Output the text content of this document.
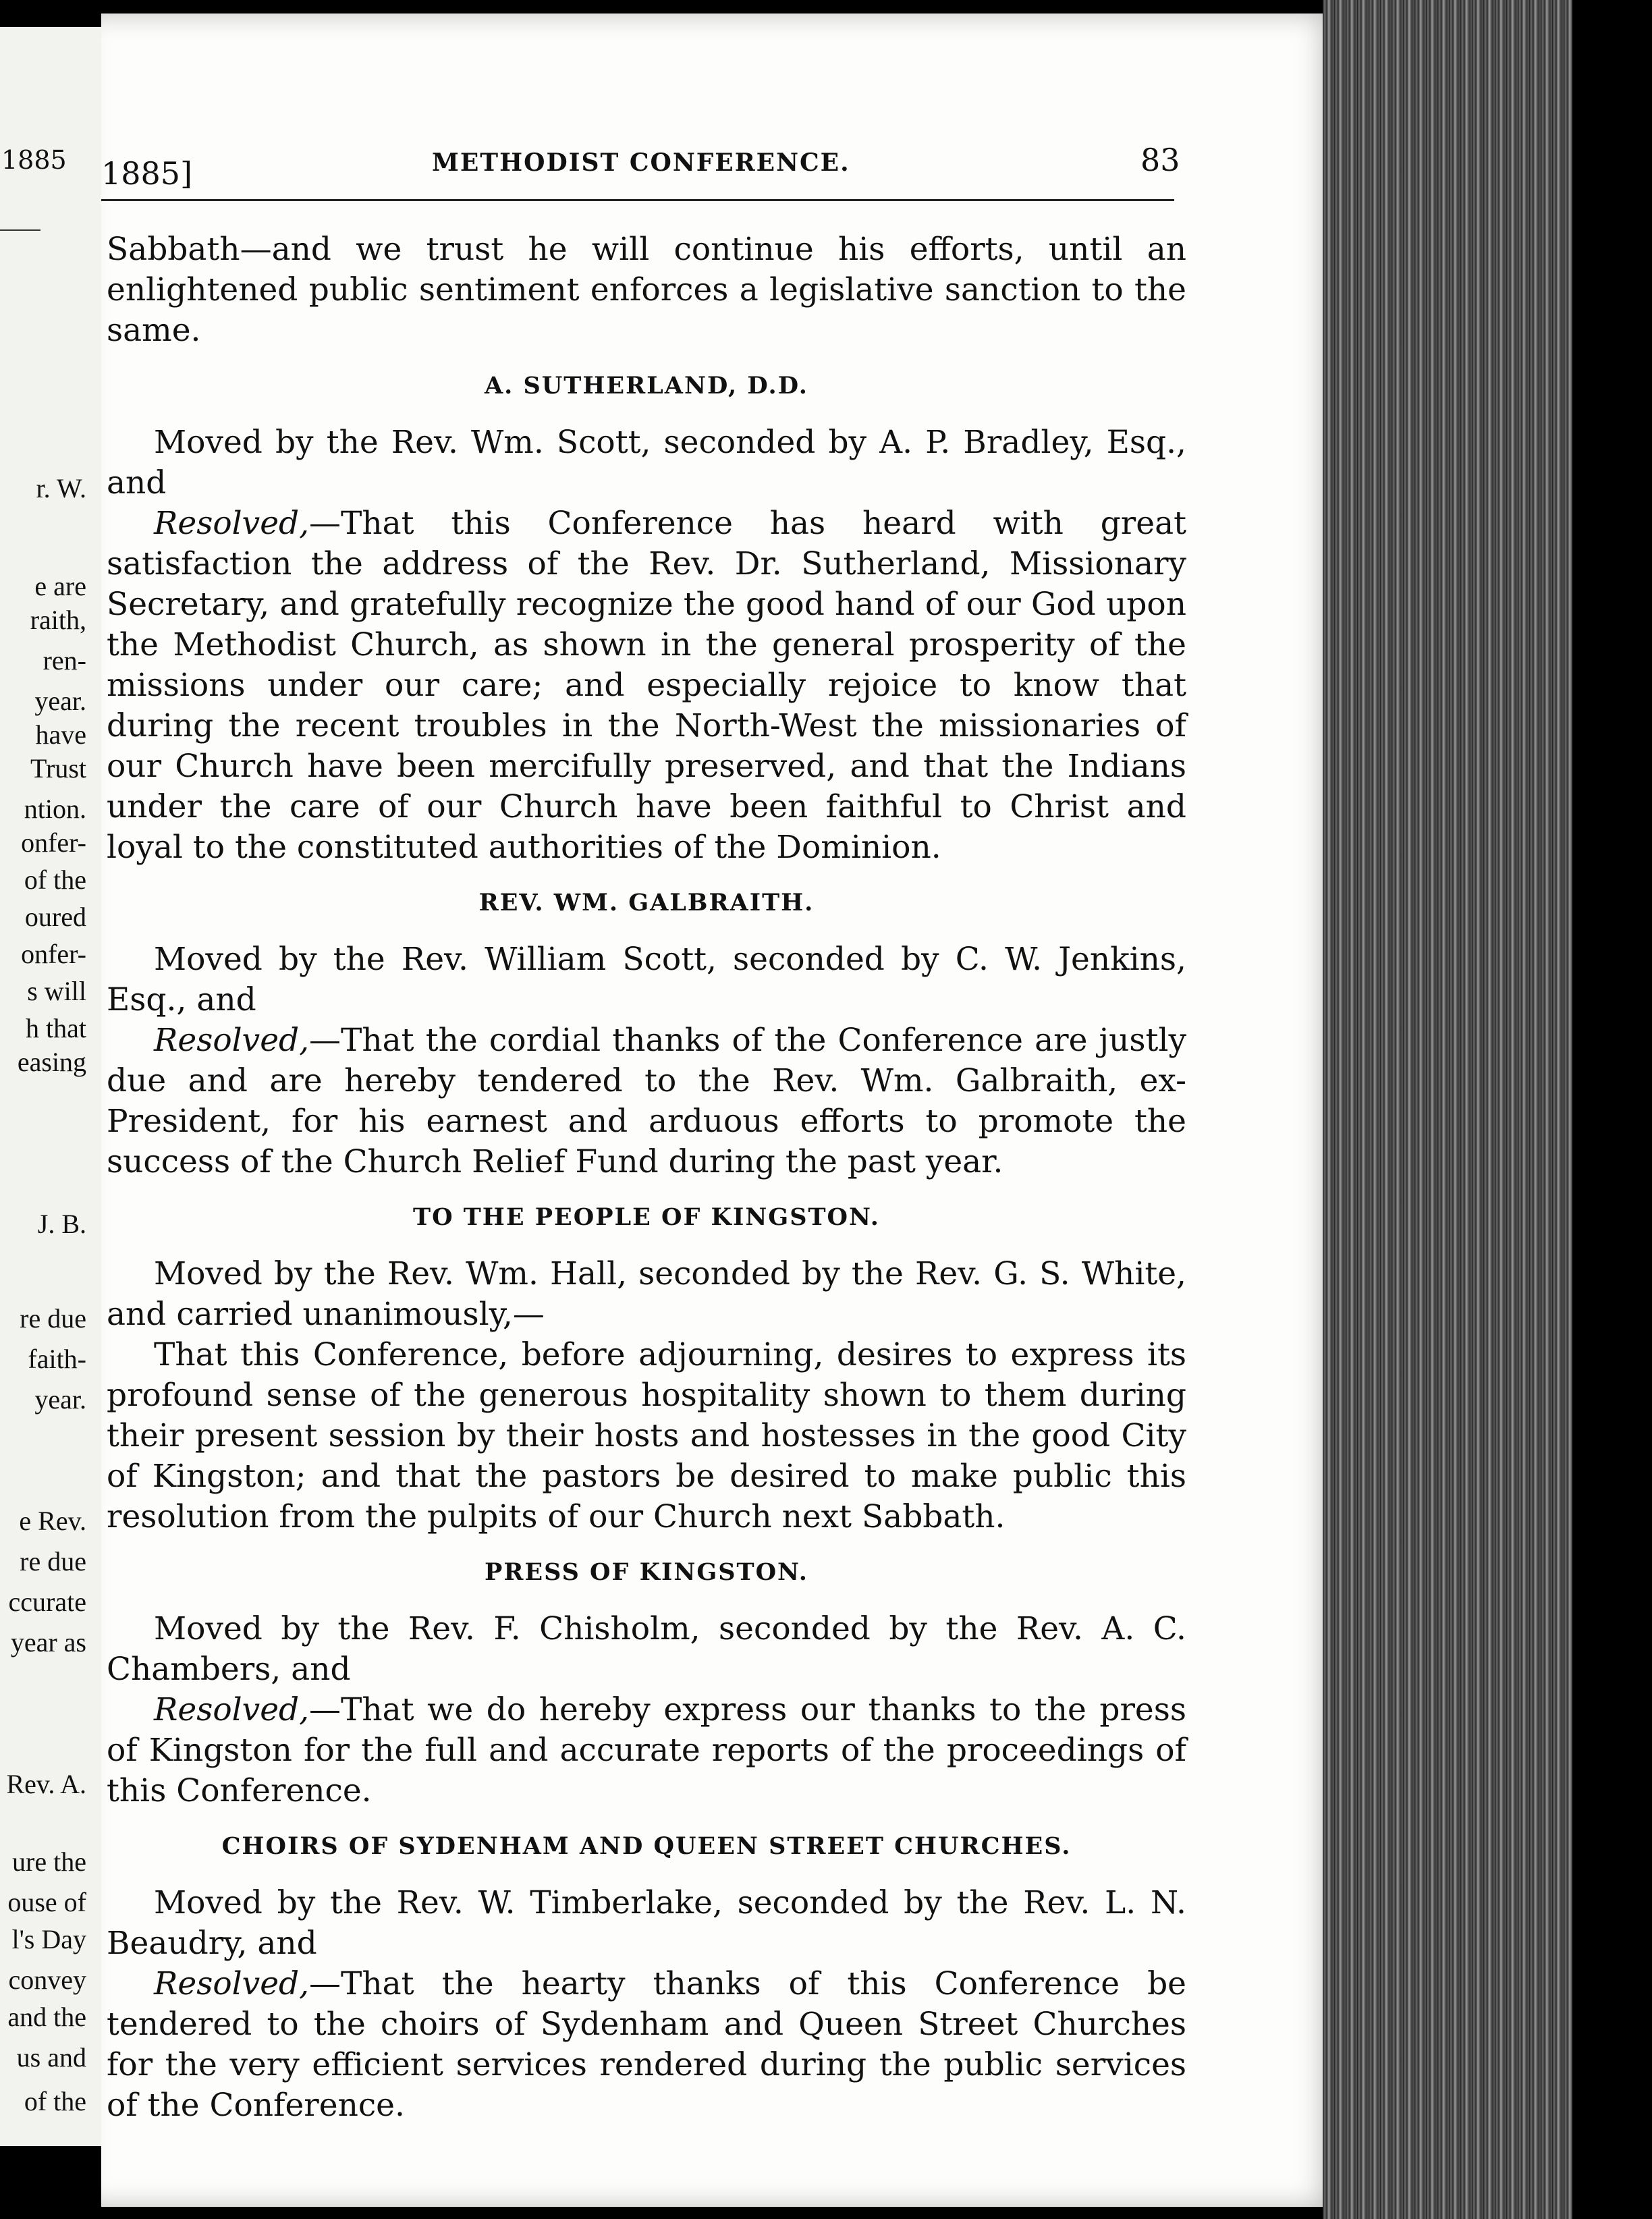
1885
r. W.
e are
raith,
ren-
year.
have
Trust
ntion.
onfer-
of the
oured
onfer-
s will
h that
easing
J. B.
re due
faith-
year.
e Rev.
re due
ccurate
year as
Rev. A.
ure the
ouse of
l's Day
convey
and the
us and
of the
1885]	METHODIST CONFERENCE.	83

Sabbath—and we trust he will continue his efforts, until an enlightened public sentiment enforces a legislative sanction to the same.

A. SUTHERLAND, D.D.

Moved by the Rev. Wm. Scott, seconded by A. P. Bradley, Esq., and

Resolved,—That this Conference has heard with great satisfaction the address of the Rev. Dr. Sutherland, Missionary Secretary, and gratefully recognize the good hand of our God upon the Methodist Church, as shown in the general prosperity of the missions under our care; and especially rejoice to know that during the recent troubles in the North-West the missionaries of our Church have been mercifully preserved, and that the Indians under the care of our Church have been faithful to Christ and loyal to the constituted authorities of the Dominion.

REV. WM. GALBRAITH.

Moved by the Rev. William Scott, seconded by C. W. Jenkins, Esq., and

Resolved,—That the cordial thanks of the Conference are justly due and are hereby tendered to the Rev. Wm. Galbraith, ex-President, for his earnest and arduous efforts to promote the success of the Church Relief Fund during the past year.

TO THE PEOPLE OF KINGSTON.

Moved by the Rev. Wm. Hall, seconded by the Rev. G. S. White, and carried unanimously,—

That this Conference, before adjourning, desires to express its profound sense of the generous hospitality shown to them during their present session by their hosts and hostesses in the good City of Kingston; and that the pastors be desired to make public this resolution from the pulpits of our Church next Sabbath.

PRESS OF KINGSTON.

Moved by the Rev. F. Chisholm, seconded by the Rev. A. C. Chambers, and

Resolved,—That we do hereby express our thanks to the press of Kingston for the full and accurate reports of the proceedings of this Conference.

CHOIRS OF SYDENHAM AND QUEEN STREET CHURCHES.

Moved by the Rev. W. Timberlake, seconded by the Rev. L. N. Beaudry, and

Resolved,—That the hearty thanks of this Conference be tendered to the choirs of Sydenham and Queen Street Churches for the very efficient services rendered during the public services of the Conference.
